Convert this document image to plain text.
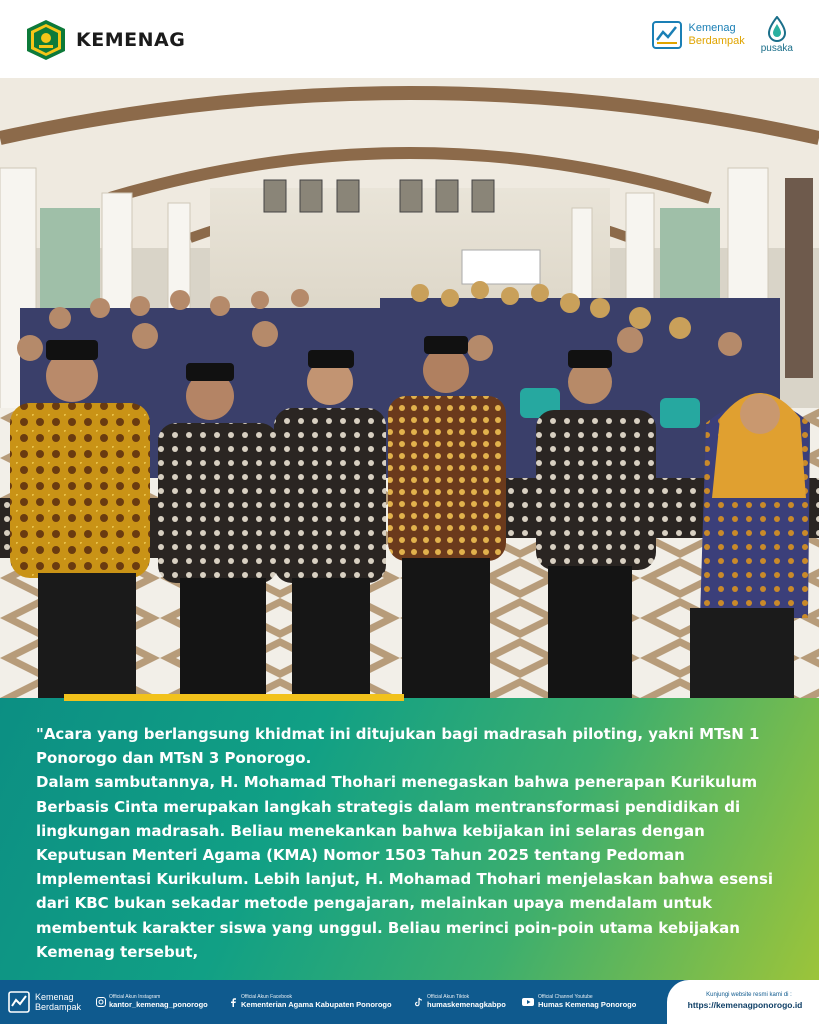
KEMENAG
Kemenag
Berdampak
pusaka

"Acara yang berlangsung khidmat ini ditujukan bagi madrasah piloting, yakni MTsN 1 Ponorogo dan MTsN 3 Ponorogo.

Dalam sambutannya, H. Mohamad Thohari menegaskan bahwa penerapan Kurikulum Berbasis Cinta merupakan langkah strategis dalam mentransformasi pendidikan di lingkungan madrasah. Beliau menekankan bahwa kebijakan ini selaras dengan Keputusan Menteri Agama (KMA) Nomor 1503 Tahun 2025 tentang Pedoman Implementasi Kurikulum. Lebih lanjut, H. Mohamad Thohari menjelaskan bahwa esensi dari KBC bukan sekadar metode pengajaran, melainkan upaya mendalam untuk membentuk karakter siswa yang unggul. Beliau merinci poin-poin utama kebijakan Kemenag tersebut,

Kemenag
Berdampak
Official Akun Instagram
kantor_kemenag_ponorogo
Official Akun Facebook
Kementerian Agama Kabupaten Ponorogo
Official Akun Tiktok
humaskemenagkabpo
Official Channel Youtube
Humas Kemenag Ponorogo
Kunjungi website resmi kami di :
https://kemenagponorogo.id
